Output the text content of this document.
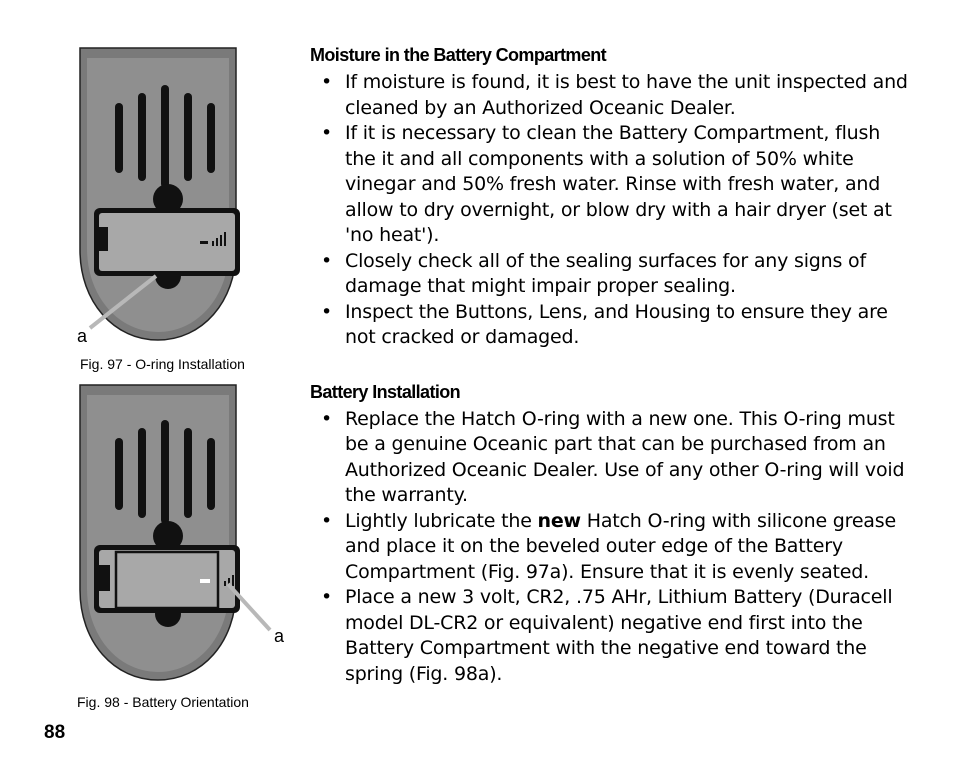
a
Fig. 97 - O-ring Installation
a
Fig. 98 - Battery Orientation
Moisture in the Battery Compartment
• If moisture is found, it is best to have the unit inspected and cleaned by an Authorized Oceanic Dealer.
• If it is necessary to clean the Battery Compartment, flush the it and all components with a solution of 50% white vinegar and 50% fresh water. Rinse with fresh water, and allow to dry overnight, or blow dry with a hair dryer (set at 'no heat').
• Closely check all of the sealing surfaces for any signs of damage that might impair proper sealing.
• Inspect the Buttons, Lens, and Housing to ensure they are not cracked or damaged.
Battery Installation
• Replace the Hatch O-ring with a new one. This O-ring must be a genuine Oceanic part that can be purchased from an Authorized Oceanic Dealer. Use of any other O-ring will void the warranty.
• Lightly lubricate the new Hatch O-ring with silicone grease and place it on the beveled outer edge of the Battery Compartment (Fig. 97a). Ensure that it is evenly seated.
• Place a new 3 volt, CR2, .75 AHr, Lithium Battery (Duracell model DL-CR2 or equivalent) negative end first into the Battery Compartment with the negative end toward the spring (Fig. 98a).
88
